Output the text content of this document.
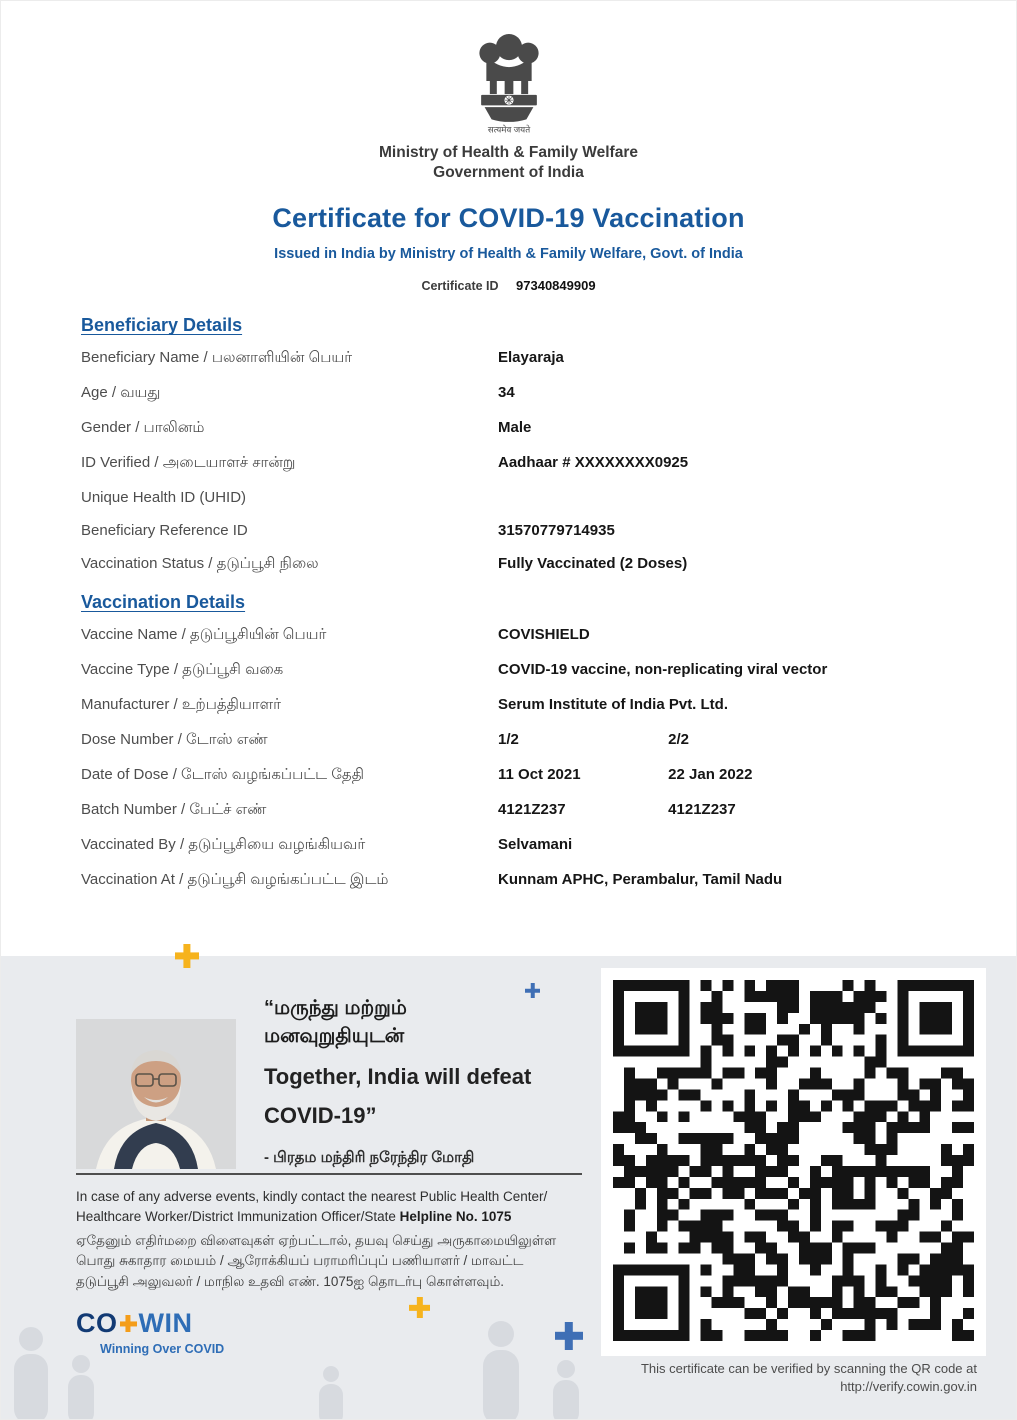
सत्यमेव जयते
Ministry of Health & Family Welfare
Government of India
Certificate for COVID-19 Vaccination
Issued in India by Ministry of Health & Family Welfare, Govt. of India
Certificate ID 97340849909
Beneficiary Details
Beneficiary Name / பலனாளியின் பெயர்	Elayaraja
Age / வயது	34
Gender / பாலினம்	Male
ID Verified / அடையாளச் சான்று	Aadhaar # XXXXXXXX0925
Unique Health ID (UHID)
Beneficiary Reference ID	31570779714935
Vaccination Status / தடுப்பூசி நிலை	Fully Vaccinated (2 Doses)
Vaccination Details
Vaccine Name / தடுப்பூசியின் பெயர்	COVISHIELD
Vaccine Type / தடுப்பூசி வகை	COVID-19 vaccine, non-replicating viral vector
Manufacturer / உற்பத்தியாளர்	Serum Institute of India Pvt. Ltd.
Dose Number / டோஸ் எண்	1/2	2/2
Date of Dose / டோஸ் வழங்கப்பட்ட தேதி	11 Oct 2021	22 Jan 2022
Batch Number / பேட்ச் எண்	4121Z237	4121Z237
Vaccinated By / தடுப்பூசியை வழங்கியவர்	Selvamani
Vaccination At / தடுப்பூசி வழங்கப்பட்ட இடம்	Kunnam APHC, Perambalur, Tamil Nadu
“மருந்து மற்றும்
மனவுறுதியுடன்
Together, India will defeat
COVID-19”
- பிரதம மந்திரி நரேந்திர மோதி
In case of any adverse events, kindly contact the nearest Public Health Center/ Healthcare Worker/District Immunization Officer/State Helpline No. 1075
ஏதேனும் எதிர்மறை விளைவுகள் ஏற்பட்டால், தயவு செய்து அருகாமையிலுள்ள பொது சுகாதார மையம் / ஆரோக்கியப் பராமரிப்புப் பணியாளர் / மாவட்ட தடுப்பூசி அலுவலர் / மாநில உதவி எண். 1075ஐ தொடர்பு கொள்ளவும்.
CO WIN
Winning Over COVID
This certificate can be verified by scanning the QR code at
http://verify.cowin.gov.in
